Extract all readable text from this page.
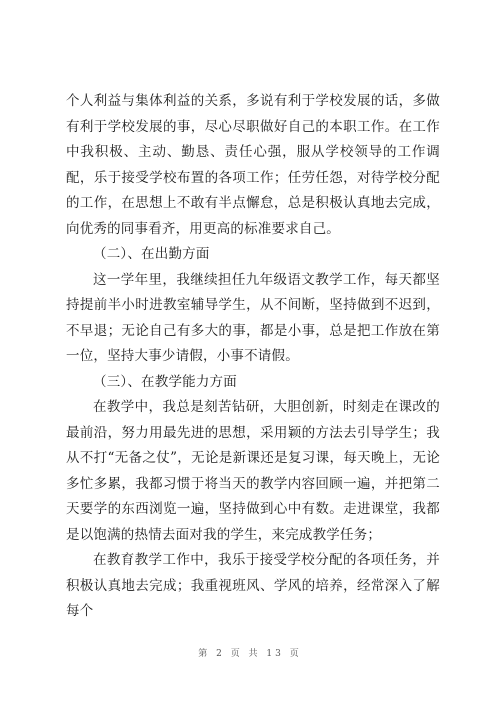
个人利益与集体利益的关系，多说有利于学校发展的话，多做有利于学校发展的事，尽心尽职做好自己的本职工作。在工作中我积极、主动、勤恳、责任心强，服从学校领导的工作调配，乐于接受学校布置的各项工作；任劳任怨，对待学校分配的工作，在思想上不敢有半点懈怠，总是积极认真地去完成，向优秀的同事看齐，用更高的标准要求自己。

（二）、在出勤方面

这一学年里，我继续担任九年级语文教学工作，每天都坚持提前半小时进教室辅导学生，从不间断，坚持做到不迟到，不早退；无论自己有多大的事，都是小事，总是把工作放在第一位，坚持大事少请假，小事不请假。

（三）、在教学能力方面

在教学中，我总是刻苦钻研，大胆创新，时刻走在课改的最前沿，努力用最先进的思想，采用颖的方法去引导学生；我从不打“无备之仗”，无论是新课还是复习课，每天晚上，无论多忙多累，我都习惯于将当天的教学内容回顾一遍，并把第二天要学的东西浏览一遍，坚持做到心中有数。走进课堂，我都是以饱满的热情去面对我的学生，来完成教学任务；

在教育教学工作中，我乐于接受学校分配的各项任务，并积极认真地去完成；我重视班风、学风的培养，经常深入了解每个

第 2 页 共 13 页
